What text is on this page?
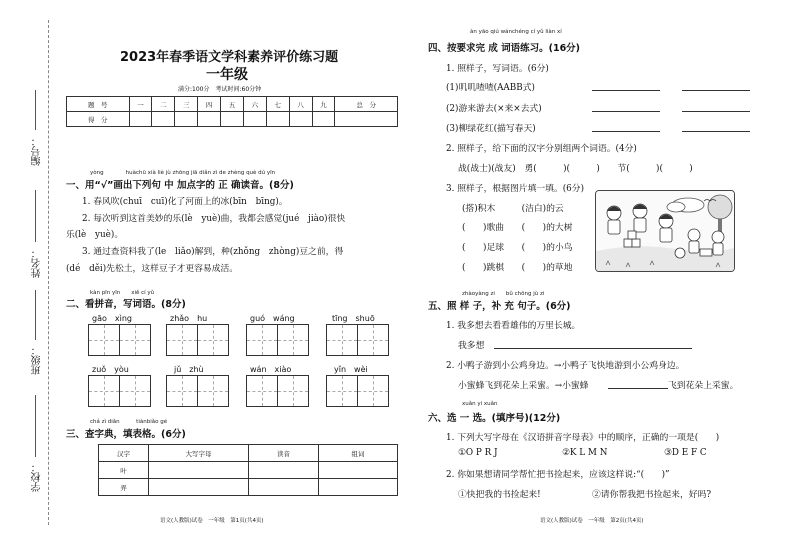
编号：
姓名：
班级：
学校：
2023年春季语文学科素养评价练习题
一年级
满分:100分　考试时间:60分钟
题　号	一	二	三	四	五	六	七	八	九	总　分
得　分										
yòng　　　　huàchū xià liè jù zhōng jiā diǎn zì de zhèng què dú yīn
一、用“√”画出下列句 中 加点字的 正 确读音。(8分)
1. 春风吹(chuī　cuī)化了河面上的冰(bīn　bīng)。
2. 每次听到这首美妙的乐(lè　yuè)曲，我都会感觉(jué　jiào)很快
乐(lè　yuè)。
3. 通过查资料我了(le　liǎo)解到，种(zhǒng　zhòng)豆之前，得
(dé　děi)先松土，这样豆子才更容易成活。
kàn pīn yīn　　xiě cí yǔ
二、看拼音，写词语。(8分)
gāo　xìng	zhǎo　hu	guó　wáng	tīng　shuō
zuǒ　yòu	jǔ　zhù	wán　xiào	yǐn　wèi
chá zì diǎn　　　tiánbiǎo gé
三、查字典，填表格。(6分)
汉字	大写字母	读音	组词
叶			
弄			
语文(人教版)试卷　一年级　第1页(共4页)	语文(人教版)试卷　一年级　第2页(共4页)
àn yāo qiú wánchéng cí yǔ liàn xí
四、按要求完 成 词语练习。(16分)
1. 照样子，写词语。(6分)
(1)叽叽喳喳(AABB式)
(2)游来游去(×来×去式)
(3)柳绿花红(描写春天)
2. 照样子，给下面的汉字分别组两个词语。(4分)
战(战士)(战友)　勇(　　　)(　　　)　　节(　　　)(　　　)
3. 照样子，根据图片填一填。(6分)
(搭)积木　　　(洁白)的云
(　　)歌曲　　(　　)的大树
(　　)足球　　(　　)的小鸟
(　　)跳棋　　(　　)的草地
zhàoyàng zi　　bǔ chōng jù zi
五、照 样 子，补 充 句子。(6分)
1. 我多想去看看雄伟的万里长城。
我多想
2. 小鸭子游到小公鸡身边。→小鸭子飞快地游到小公鸡身边。
小蜜蜂飞到花朵上采蜜。→小蜜蜂	飞到花朵上采蜜。
xuǎn yi xuǎn
六、选 一 选。(填序号)(12分)
1. 下列大写字母在《汉语拼音字母表》中的顺序，正确的一项是(　　)
①O P R J	②K L M N	③D E F C
2. 你如果想请同学帮忙把书捡起来，应该这样说:“(　　)”
①快把我的书捡起来!	②请你帮我把书捡起来，好吗?
